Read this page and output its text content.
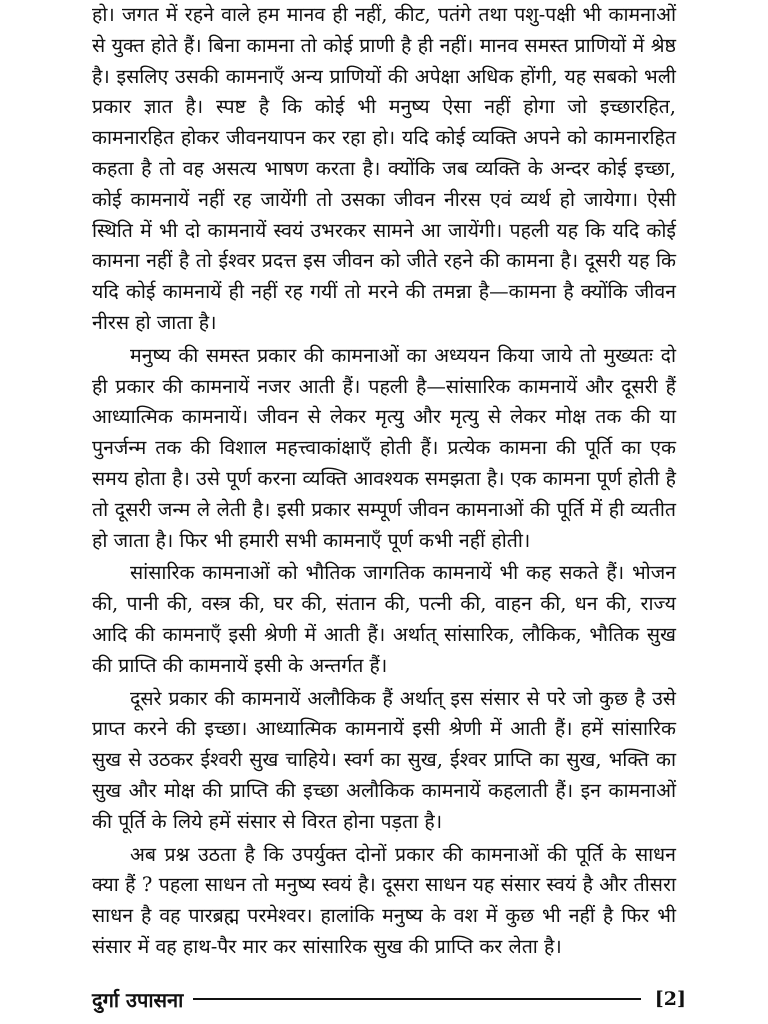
हो। जगत में रहने वाले हम मानव ही नहीं, कीट, पतंगे तथा पशु-पक्षी भी कामनाओं से युक्त होते हैं। बिना कामना तो कोई प्राणी है ही नहीं। मानव समस्त प्राणियों में श्रेष्ठ है। इसलिए उसकी कामनाएँ अन्य प्राणियों की अपेक्षा अधिक होंगी, यह सबको भली प्रकार ज्ञात है। स्पष्ट है कि कोई भी मनुष्य ऐसा नहीं होगा जो इच्छारहित, कामनारहित होकर जीवनयापन कर रहा हो। यदि कोई व्यक्ति अपने को कामनारहित कहता है तो वह असत्य भाषण करता है। क्योंकि जब व्यक्ति के अन्दर कोई इच्छा, कोई कामनायें नहीं रह जायेंगी तो उसका जीवन नीरस एवं व्यर्थ हो जायेगा। ऐसी स्थिति में भी दो कामनायें स्वयं उभरकर सामने आ जायेंगी। पहली यह कि यदि कोई कामना नहीं है तो ईश्वर प्रदत्त इस जीवन को जीते रहने की कामना है। दूसरी यह कि यदि कोई कामनायें ही नहीं रह गयीं तो मरने की तमन्ना है—कामना है क्योंकि जीवन नीरस हो जाता है।

मनुष्य की समस्त प्रकार की कामनाओं का अध्ययन किया जाये तो मुख्यतः दो ही प्रकार की कामनायें नजर आती हैं। पहली है—सांसारिक कामनायें और दूसरी हैं आध्यात्मिक कामनायें। जीवन से लेकर मृत्यु और मृत्यु से लेकर मोक्ष तक की या पुनर्जन्म तक की विशाल महत्त्वाकांक्षाएँ होती हैं। प्रत्येक कामना की पूर्ति का एक समय होता है। उसे पूर्ण करना व्यक्ति आवश्यक समझता है। एक कामना पूर्ण होती है तो दूसरी जन्म ले लेती है। इसी प्रकार सम्पूर्ण जीवन कामनाओं की पूर्ति में ही व्यतीत हो जाता है। फिर भी हमारी सभी कामनाएँ पूर्ण कभी नहीं होती।

सांसारिक कामनाओं को भौतिक जागतिक कामनायें भी कह सकते हैं। भोजन की, पानी की, वस्त्र की, घर की, संतान की, पत्नी की, वाहन की, धन की, राज्य आदि की कामनाएँ इसी श्रेणी में आती हैं। अर्थात् सांसारिक, लौकिक, भौतिक सुख की प्राप्ति की कामनायें इसी के अन्तर्गत हैं।

दूसरे प्रकार की कामनायें अलौकिक हैं अर्थात् इस संसार से परे जो कुछ है उसे प्राप्त करने की इच्छा। आध्यात्मिक कामनायें इसी श्रेणी में आती हैं। हमें सांसारिक सुख से उठकर ईश्वरी सुख चाहिये। स्वर्ग का सुख, ईश्वर प्राप्ति का सुख, भक्ति का सुख और मोक्ष की प्राप्ति की इच्छा अलौकिक कामनायें कहलाती हैं। इन कामनाओं की पूर्ति के लिये हमें संसार से विरत होना पड़ता है।

अब प्रश्न उठता है कि उपर्युक्त दोनों प्रकार की कामनाओं की पूर्ति के साधन क्या हैं ? पहला साधन तो मनुष्य स्वयं है। दूसरा साधन यह संसार स्वयं है और तीसरा साधन है वह पारब्रह्म परमेश्वर। हालांकि मनुष्य के वश में कुछ भी नहीं है फिर भी संसार में वह हाथ-पैर मार कर सांसारिक सुख की प्राप्ति कर लेता है।

दुर्गा उपासना	[2]
